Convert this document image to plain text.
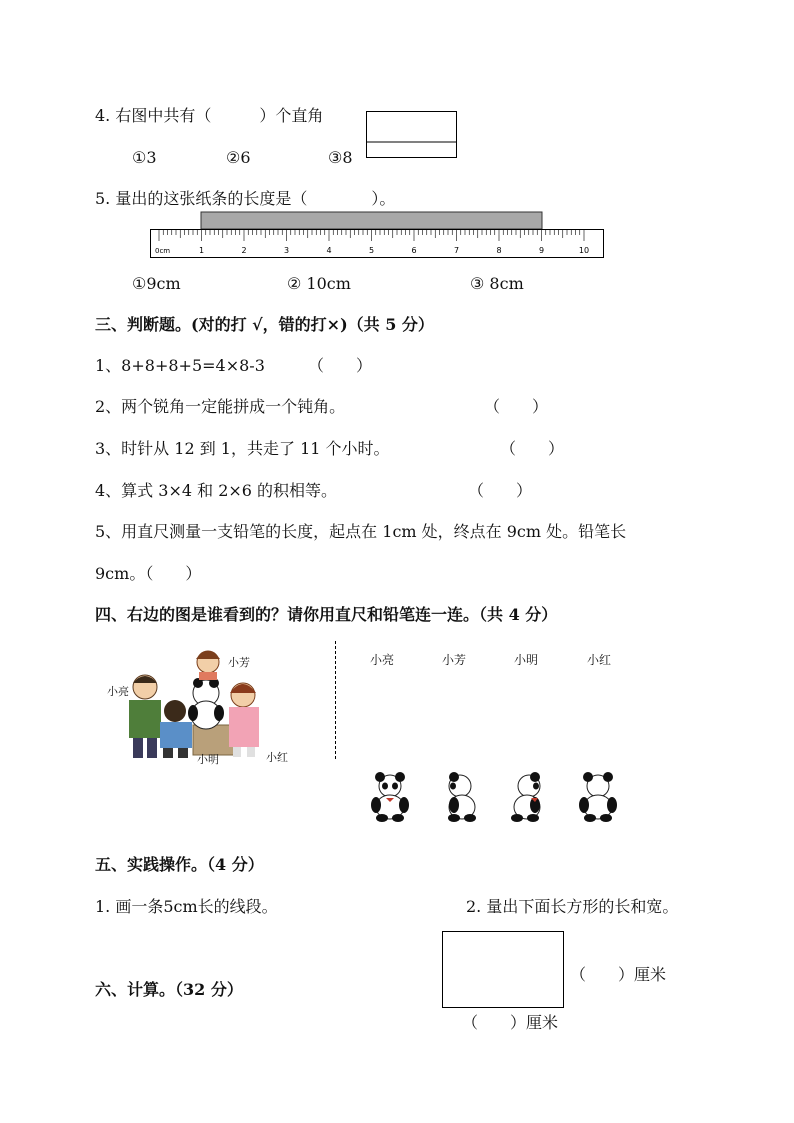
4. 右图中共有（　　　）个直角
①3	②6	③8
5. 量出的这张纸条的长度是（　　　　）。
0cm	1	2	3	4	5	6	7	8	9	10
①9cm	② 10cm	③ 8cm
三、判断题。(对的打 √，错的打×)（共 5 分）
1、8+8+8+5=4×8-3	（　　）
2、两个锐角一定能拼成一个钝角。	（　　）
3、时针从 12 到 1，共走了 11 个小时。	（　　）
4、算式 3×4 和 2×6 的积相等。	（　　）
5、用直尺测量一支铅笔的长度，起点在 1cm 处，终点在 9cm 处。铅笔长
9cm。（　　）
四、右边的图是谁看到的？请你用直尺和铅笔连一连。（共 4 分）
小芳
小亮
小明	小红
小亮	小芳	小明	小红
五、实践操作。（4 分）
1. 画一条5cm长的线段。	2. 量出下面长方形的长和宽。
（　　）厘米
（　　）厘米
六、计算。（32 分）
